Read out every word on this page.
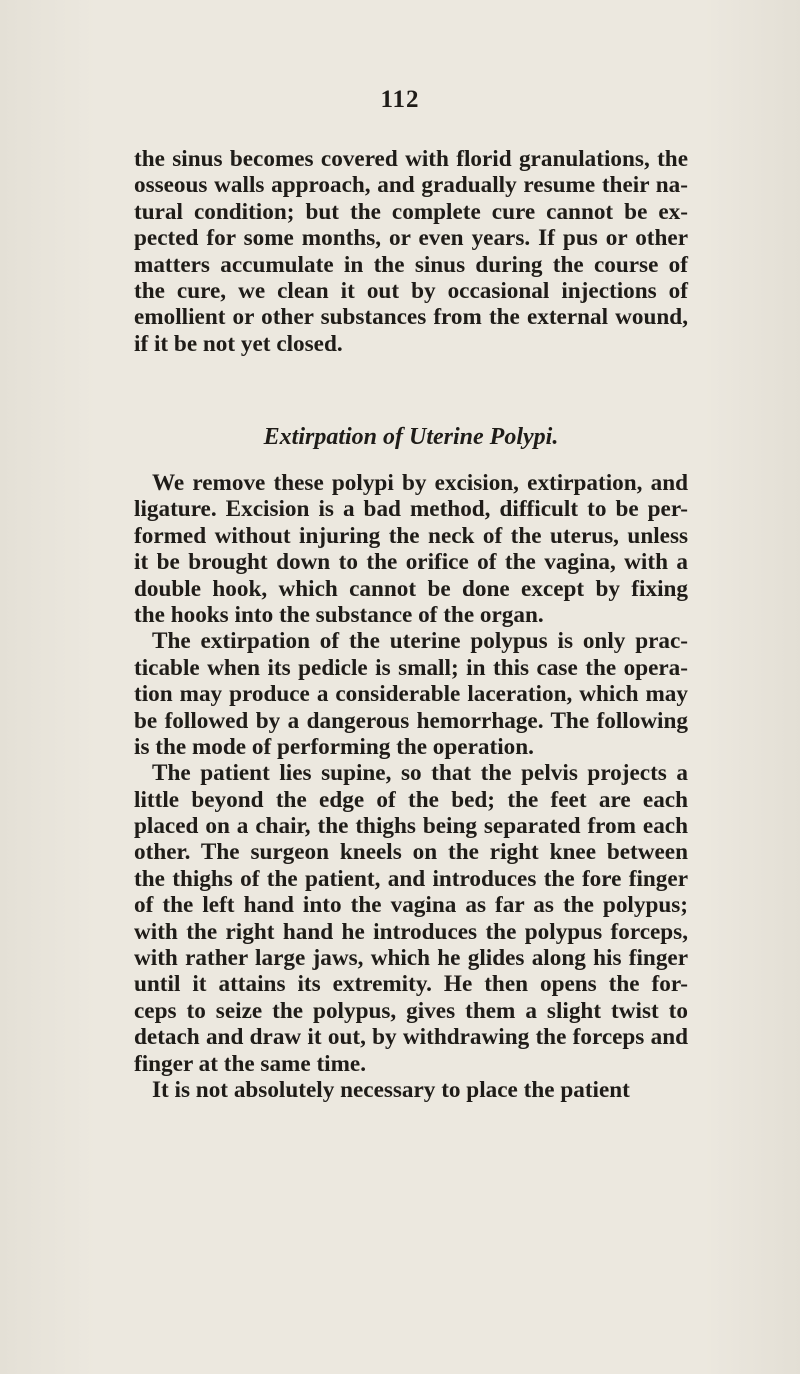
112
the sinus becomes covered with florid granulations, the
osseous walls approach, and gradually resume their na-
tural condition; but the complete cure cannot be ex-
pected for some months, or even years. If pus or other
matters accumulate in the sinus during the course of
the cure, we clean it out by occasional injections of
emollient or other substances from the external wound,
if it be not yet closed.
Extirpation of Uterine Polypi.
We remove these polypi by excision, extirpation, and
ligature. Excision is a bad method, difficult to be per-
formed without injuring the neck of the uterus, unless
it be brought down to the orifice of the vagina, with a
double hook, which cannot be done except by fixing
the hooks into the substance of the organ.
The extirpation of the uterine polypus is only prac-
ticable when its pedicle is small; in this case the opera-
tion may produce a considerable laceration, which may
be followed by a dangerous hemorrhage. The following
is the mode of performing the operation.
The patient lies supine, so that the pelvis projects a
little beyond the edge of the bed; the feet are each
placed on a chair, the thighs being separated from each
other. The surgeon kneels on the right knee between
the thighs of the patient, and introduces the fore finger
of the left hand into the vagina as far as the polypus;
with the right hand he introduces the polypus forceps,
with rather large jaws, which he glides along his finger
until it attains its extremity. He then opens the for-
ceps to seize the polypus, gives them a slight twist to
detach and draw it out, by withdrawing the forceps and
finger at the same time.
It is not absolutely necessary to place the patient
